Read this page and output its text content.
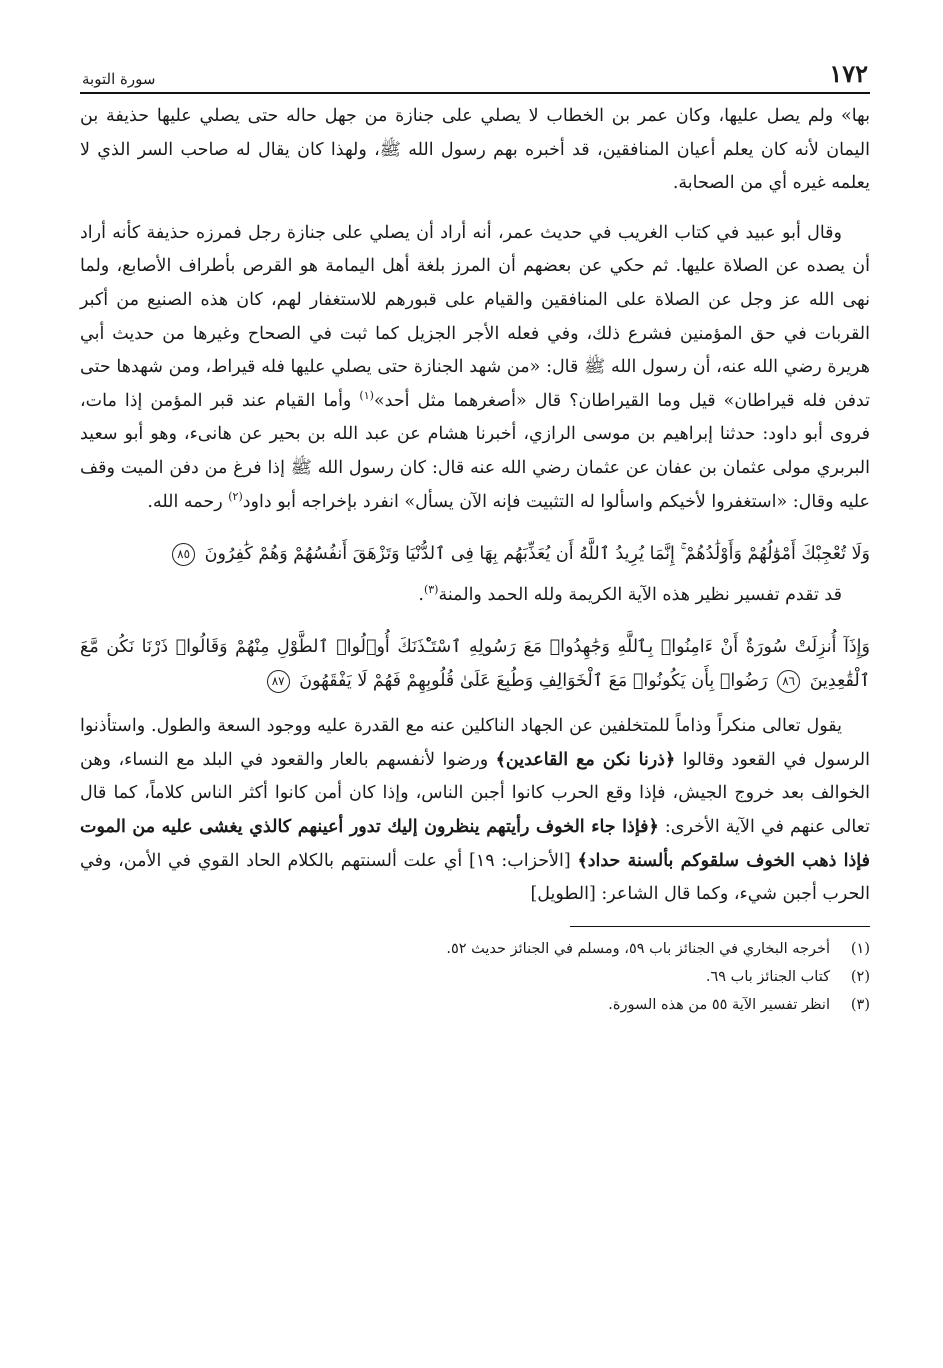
١٧٢
سورة التوبة

بها» ولم يصل عليها، وكان عمر بن الخطاب لا يصلي على جنازة من جهل حاله حتى يصلي عليها حذيفة بن اليمان لأنه كان يعلم أعيان المنافقين، قد أخبره بهم رسول الله ﷺ، ولهذا كان يقال له صاحب السر الذي لا يعلمه غيره أي من الصحابة.

وقال أبو عبيد في كتاب الغريب في حديث عمر، أنه أراد أن يصلي على جنازة رجل فمرزه حذيفة كأنه أراد أن يصده عن الصلاة عليها. ثم حكي عن بعضهم أن المرز بلغة أهل اليمامة هو القرص بأطراف الأصابع، ولما نهى الله عز وجل عن الصلاة على المنافقين والقيام على قبورهم للاستغفار لهم، كان هذه الصنيع من أكبر القربات في حق المؤمنين فشرع ذلك، وفي فعله الأجر الجزيل كما ثبت في الصحاح وغيرها من حديث أبي هريرة رضي الله عنه، أن رسول الله ﷺ قال: «من شهد الجنازة حتى يصلي عليها فله قيراط، ومن شهدها حتى تدفن فله قيراطان» قيل وما القيراطان؟ قال «أصغرهما مثل أحد»$^{(١)}$ وأما القيام عند قبر المؤمن إذا مات، فروى أبو داود: حدثنا إبراهيم بن موسى الرازي، أخبرنا هشام عن عبد الله بن بحير عن هانىء، وهو أبو سعيد البربري مولى عثمان بن عفان عن عثمان رضي الله عنه قال: كان رسول الله ﷺ إذا فرغ من دفن الميت وقف عليه وقال: «استغفروا لأخيكم واسألوا له التثبيت فإنه الآن يسأل» انفرد بإخراجه أبو داود$^{(٢)}$ رحمه الله.

وَلَا تُعْجِبْكَ أَمْوَٰلُهُمْ وَأَوْلَٰدُهُمْ ۚ إِنَّمَا يُرِيدُ ٱللَّهُ أَن يُعَذِّبَهُم بِهَا فِى ٱلدُّنْيَا وَتَزْهَقَ أَنفُسُهُمْ وَهُمْ كَٰفِرُونَ ٨٥

قد تقدم تفسير نظير هذه الآية الكريمة ولله الحمد والمنة$^{(٣)}$.

وَإِذَآ أُنزِلَتْ سُورَةٌ أَنْ ءَامِنُوا۟ بِٱللَّهِ وَجَٰهِدُوا۟ مَعَ رَسُولِهِ ٱسْتَـْٔذَنَكَ أُو۟لُوا۟ ٱلطَّوْلِ مِنْهُمْ وَقَالُوا۟ ذَرْنَا نَكُن مَّعَ ٱلْقَٰعِدِينَ ٨٦ رَضُوا۟ بِأَن يَكُونُوا۟ مَعَ ٱلْخَوَالِفِ وَطُبِعَ عَلَىٰ قُلُوبِهِمْ فَهُمْ لَا يَفْقَهُونَ ٨٧

يقول تعالى منكراً وذاماً للمتخلفين عن الجهاد الناكلين عنه مع القدرة عليه ووجود السعة والطول. واستأذنوا الرسول في القعود وقالوا ﴿ذرنا نكن مع القاعدين﴾ ورضوا لأنفسهم بالعار والقعود في البلد مع النساء، وهن الخوالف بعد خروج الجيش، فإذا وقع الحرب كانوا أجبن الناس، وإذا كان أمن كانوا أكثر الناس كلاماً، كما قال تعالى عنهم في الآية الأخرى: ﴿فإذا جاء الخوف رأيتهم ينظرون إليك تدور أعينهم كالذي يغشى عليه من الموت فإذا ذهب الخوف سلقوكم بألسنة حداد﴾ [الأحزاب: ١٩] أي علت ألسنتهم بالكلام الحاد القوي في الأمن، وفي الحرب أجبن شيء، وكما قال الشاعر: [الطويل]

(١)
أخرجه البخاري في الجنائز باب ٥٩، ومسلم في الجنائز حديث ٥٢.
(٢)
كتاب الجنائز باب ٦٩.
(٣)
انظر تفسير الآية ٥٥ من هذه السورة.
